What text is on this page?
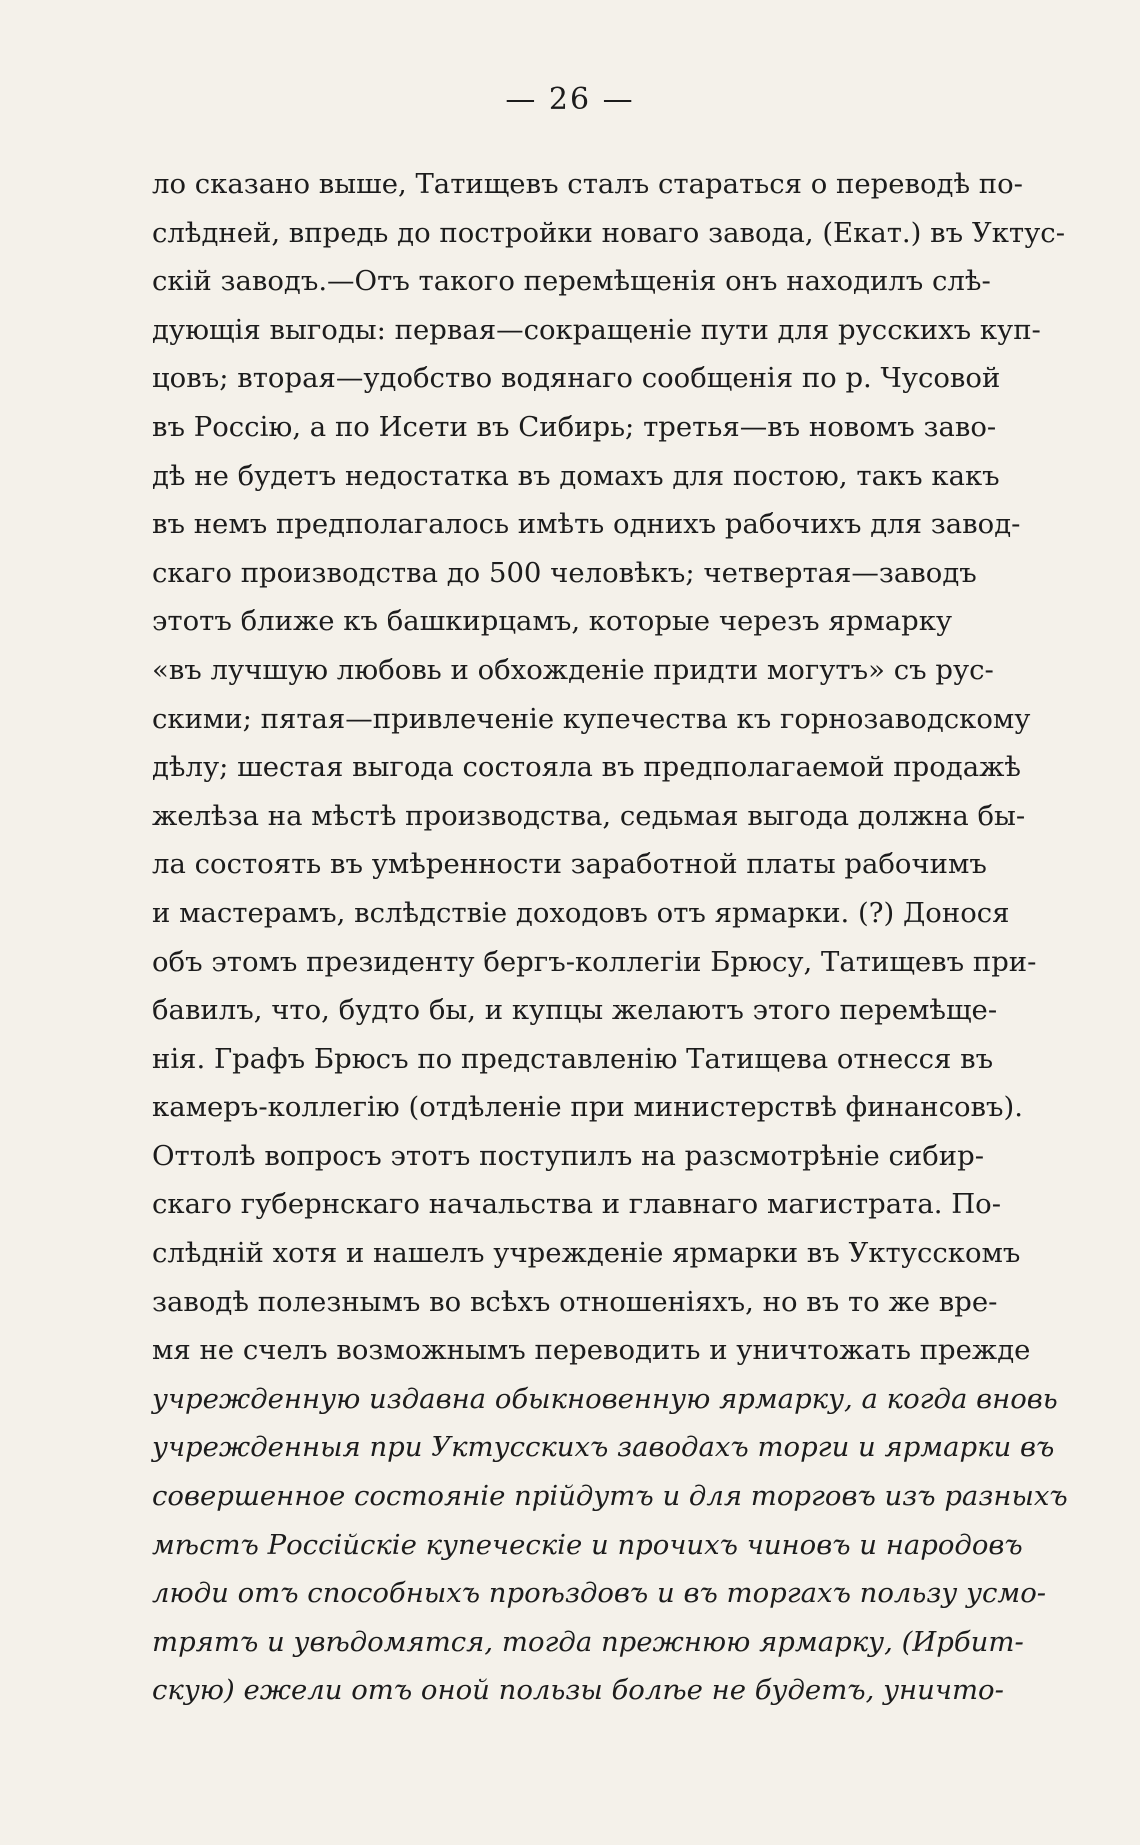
— 26 —
ло сказано выше, Татищевъ сталъ стараться о переводѣ по-
слѣдней, впредь до постройки новаго завода, (Екат.) въ Уктус-
скій заводъ.—Отъ такого перемѣщенія онъ находилъ слѣ-
дующія выгоды: первая—сокращеніе пути для русскихъ куп-
цовъ; вторая—удобство водянаго сообщенія по р. Чусовой
въ Россію, а по Исети въ Сибирь; третья—въ новомъ заво-
дѣ не будетъ недостатка въ домахъ для постою, такъ какъ
въ немъ предполагалось имѣть однихъ рабочихъ для завод-
скаго производства до 500 человѣкъ; четвертая—заводъ
этотъ ближе къ башкирцамъ, которые черезъ ярмарку
«въ лучшую любовь и обхожденіе придти могутъ» съ рус-
скими; пятая—привлеченіе купечества къ горнозаводскому
дѣлу; шестая выгода состояла въ предполагаемой продажѣ
желѣза на мѣстѣ производства, седьмая выгода должна бы-
ла состоять въ умѣренности заработной платы рабочимъ
и мастерамъ, вслѣдствіе доходовъ отъ ярмарки. (?) Донося
объ этомъ президенту бергъ-коллегіи Брюсу, Татищевъ при-
бавилъ, что, будто бы, и купцы желаютъ этого перемѣще-
нія. Графъ Брюсъ по представленію Татищева отнесся въ
камеръ-коллегію (отдѣленіе при министерствѣ финансовъ).
Оттолѣ вопросъ этотъ поступилъ на разсмотрѣніе сибир-
скаго губернскаго начальства и главнаго магистрата. По-
слѣдній хотя и нашелъ учрежденіе ярмарки въ Уктусскомъ
заводѣ полезнымъ во всѣхъ отношеніяхъ, но въ то же вре-
мя не счелъ возможнымъ переводить и уничтожать прежде
учрежденную издавна обыкновенную ярмарку, а когда вновь
учрежденныя при Уктусскихъ заводахъ торги и ярмарки въ
совершенное состояніе прійдутъ и для торговъ изъ разныхъ
мѣстъ Россійскіе купеческіе и прочихъ чиновъ и народовъ
люди отъ способныхъ проѣздовъ и въ торгахъ пользу усмо-
трятъ и увѣдомятся, тогда прежнюю ярмарку, (Ирбит-
скую) ежели отъ оной пользы болѣе не будетъ, уничто-
